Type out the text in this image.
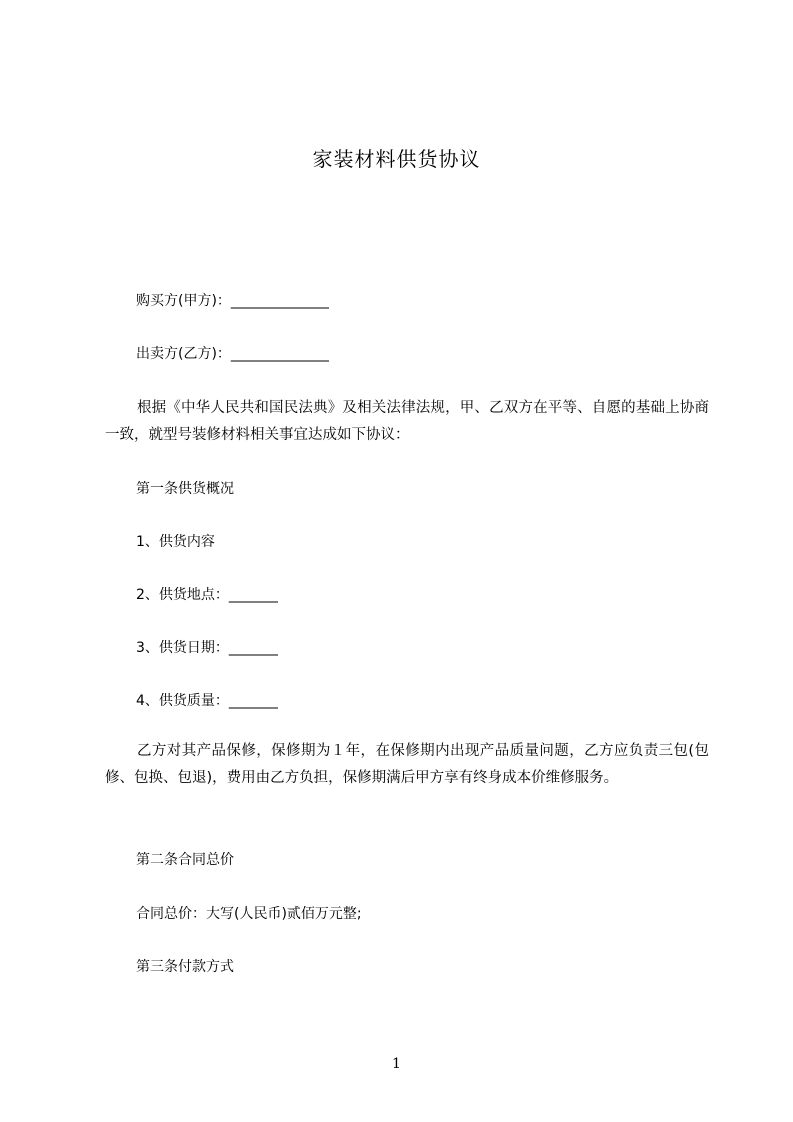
家装材料供货协议
购买方(甲方)：______________
出卖方(乙方)：______________
根据《中华人民共和国民法典》及相关法律法规，甲、乙双方在平等、自愿的基础上协商一致，就型号装修材料相关事宜达成如下协议：
第一条供货概况
1、供货内容
2、供货地点：_______
3、供货日期：_______
4、供货质量：_______
乙方对其产品保修，保修期为１年，在保修期内出现产品质量问题，乙方应负责三包(包修、包换、包退)，费用由乙方负担，保修期满后甲方享有终身成本价维修服务。
第二条合同总价
合同总价：大写(人民币)贰佰万元整;
第三条付款方式
1
